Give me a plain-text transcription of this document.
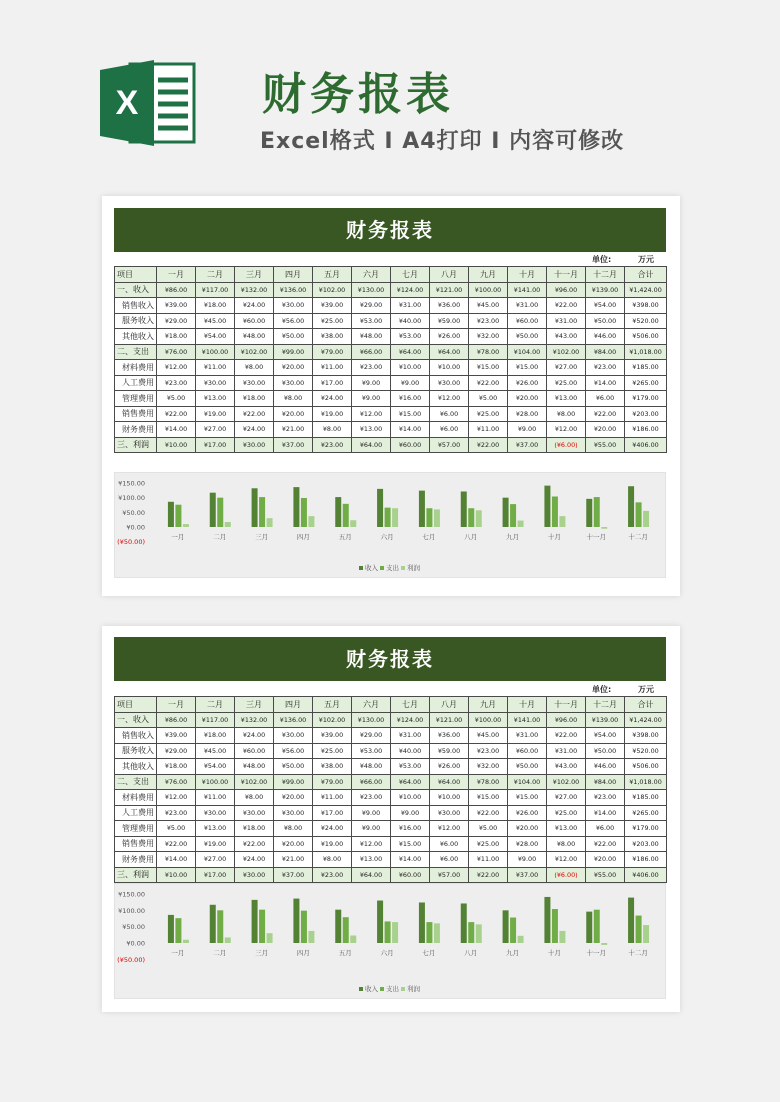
X	财务报表
Excel格式 I A4打印 I 内容可修改
财务报表
单位:	万元
项目	一月	二月	三月	四月	五月	六月	七月	八月	九月	十月	十一月	十二月	合计
一、收入	¥86.00	¥117.00	¥132.00	¥136.00	¥102.00	¥130.00	¥124.00	¥121.00	¥100.00	¥141.00	¥96.00	¥139.00	¥1,424.00
销售收入	¥39.00	¥18.00	¥24.00	¥30.00	¥39.00	¥29.00	¥31.00	¥36.00	¥45.00	¥31.00	¥22.00	¥54.00	¥398.00
服务收入	¥29.00	¥45.00	¥60.00	¥56.00	¥25.00	¥53.00	¥40.00	¥59.00	¥23.00	¥60.00	¥31.00	¥50.00	¥520.00
其他收入	¥18.00	¥54.00	¥48.00	¥50.00	¥38.00	¥48.00	¥53.00	¥26.00	¥32.00	¥50.00	¥43.00	¥46.00	¥506.00
二、支出	¥76.00	¥100.00	¥102.00	¥99.00	¥79.00	¥66.00	¥64.00	¥64.00	¥78.00	¥104.00	¥102.00	¥84.00	¥1,018.00
材料费用	¥12.00	¥11.00	¥8.00	¥20.00	¥11.00	¥23.00	¥10.00	¥10.00	¥15.00	¥15.00	¥27.00	¥23.00	¥185.00
人工费用	¥23.00	¥30.00	¥30.00	¥30.00	¥17.00	¥9.00	¥9.00	¥30.00	¥22.00	¥26.00	¥25.00	¥14.00	¥265.00
管理费用	¥5.00	¥13.00	¥18.00	¥8.00	¥24.00	¥9.00	¥16.00	¥12.00	¥5.00	¥20.00	¥13.00	¥6.00	¥179.00
销售费用	¥22.00	¥19.00	¥22.00	¥20.00	¥19.00	¥12.00	¥15.00	¥6.00	¥25.00	¥28.00	¥8.00	¥22.00	¥203.00
财务费用	¥14.00	¥27.00	¥24.00	¥21.00	¥8.00	¥13.00	¥14.00	¥6.00	¥11.00	¥9.00	¥12.00	¥20.00	¥186.00
三、利润	¥10.00	¥17.00	¥30.00	¥37.00	¥23.00	¥64.00	¥60.00	¥57.00	¥22.00	¥37.00	(¥6.00)	¥55.00	¥406.00
¥150.00
¥100.00
¥50.00
¥0.00
(¥50.00)
一月	二月	三月	四月	五月	六月	七月	八月	九月	十月	十一月	十二月
收入 支出 利润
财务报表
单位:	万元
项目	一月	二月	三月	四月	五月	六月	七月	八月	九月	十月	十一月	十二月	合计
一、收入	¥86.00	¥117.00	¥132.00	¥136.00	¥102.00	¥130.00	¥124.00	¥121.00	¥100.00	¥141.00	¥96.00	¥139.00	¥1,424.00
销售收入	¥39.00	¥18.00	¥24.00	¥30.00	¥39.00	¥29.00	¥31.00	¥36.00	¥45.00	¥31.00	¥22.00	¥54.00	¥398.00
服务收入	¥29.00	¥45.00	¥60.00	¥56.00	¥25.00	¥53.00	¥40.00	¥59.00	¥23.00	¥60.00	¥31.00	¥50.00	¥520.00
其他收入	¥18.00	¥54.00	¥48.00	¥50.00	¥38.00	¥48.00	¥53.00	¥26.00	¥32.00	¥50.00	¥43.00	¥46.00	¥506.00
二、支出	¥76.00	¥100.00	¥102.00	¥99.00	¥79.00	¥66.00	¥64.00	¥64.00	¥78.00	¥104.00	¥102.00	¥84.00	¥1,018.00
材料费用	¥12.00	¥11.00	¥8.00	¥20.00	¥11.00	¥23.00	¥10.00	¥10.00	¥15.00	¥15.00	¥27.00	¥23.00	¥185.00
人工费用	¥23.00	¥30.00	¥30.00	¥30.00	¥17.00	¥9.00	¥9.00	¥30.00	¥22.00	¥26.00	¥25.00	¥14.00	¥265.00
管理费用	¥5.00	¥13.00	¥18.00	¥8.00	¥24.00	¥9.00	¥16.00	¥12.00	¥5.00	¥20.00	¥13.00	¥6.00	¥179.00
销售费用	¥22.00	¥19.00	¥22.00	¥20.00	¥19.00	¥12.00	¥15.00	¥6.00	¥25.00	¥28.00	¥8.00	¥22.00	¥203.00
财务费用	¥14.00	¥27.00	¥24.00	¥21.00	¥8.00	¥13.00	¥14.00	¥6.00	¥11.00	¥9.00	¥12.00	¥20.00	¥186.00
三、利润	¥10.00	¥17.00	¥30.00	¥37.00	¥23.00	¥64.00	¥60.00	¥57.00	¥22.00	¥37.00	(¥6.00)	¥55.00	¥406.00
¥150.00
¥100.00
¥50.00
¥0.00
(¥50.00)
一月	二月	三月	四月	五月	六月	七月	八月	九月	十月	十一月	十二月
收入 支出 利润
